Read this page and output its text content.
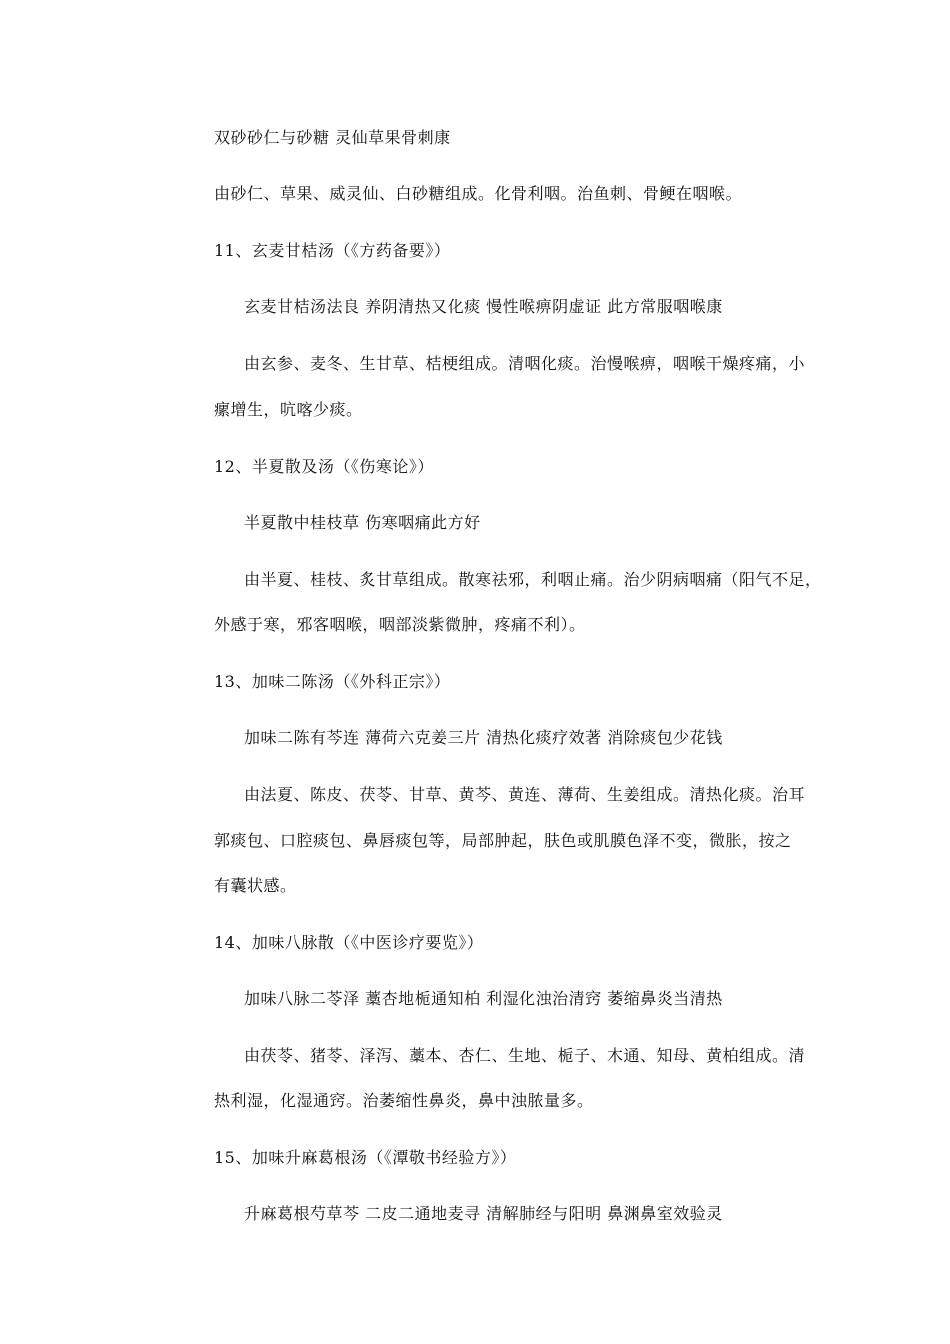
双砂砂仁与砂糖 灵仙草果骨刺康
由砂仁、草果、威灵仙、白砂糖组成。化骨利咽。治鱼刺、骨鲠在咽喉。
11、玄麦甘桔汤（《方药备要》）
玄麦甘桔汤法良 养阴清热又化痰 慢性喉痹阴虚证 此方常服咽喉康
由玄参、麦冬、生甘草、桔梗组成。清咽化痰。治慢喉痹，咽喉干燥疼痛，小
瘰增生，吭喀少痰。
12、半夏散及汤（《伤寒论》）
半夏散中桂枝草 伤寒咽痛此方好
由半夏、桂枝、炙甘草组成。散寒祛邪，利咽止痛。治少阴病咽痛（阳气不足，
外感于寒，邪客咽喉，咽部淡紫微肿，疼痛不利）。
13、加味二陈汤（《外科正宗》）
加味二陈有芩连 薄荷六克姜三片 清热化痰疗效著 消除痰包少花钱
由法夏、陈皮、茯苓、甘草、黄芩、黄连、薄荷、生姜组成。清热化痰。治耳
郭痰包、口腔痰包、鼻唇痰包等，局部肿起，肤色或肌膜色泽不变，微胀，按之
有囊状感。
14、加味八脉散（《中医诊疗要览》）
加味八脉二苓泽 藁杏地栀通知柏 利湿化浊治清窍 萎缩鼻炎当清热
由茯苓、猪苓、泽泻、藁本、杏仁、生地、栀子、木通、知母、黄柏组成。清
热利湿，化湿通窍。治萎缩性鼻炎，鼻中浊脓量多。
15、加味升麻葛根汤（《潭敬书经验方》）
升麻葛根芍草芩 二皮二通地麦寻 清解肺经与阳明 鼻渊鼻室效验灵
